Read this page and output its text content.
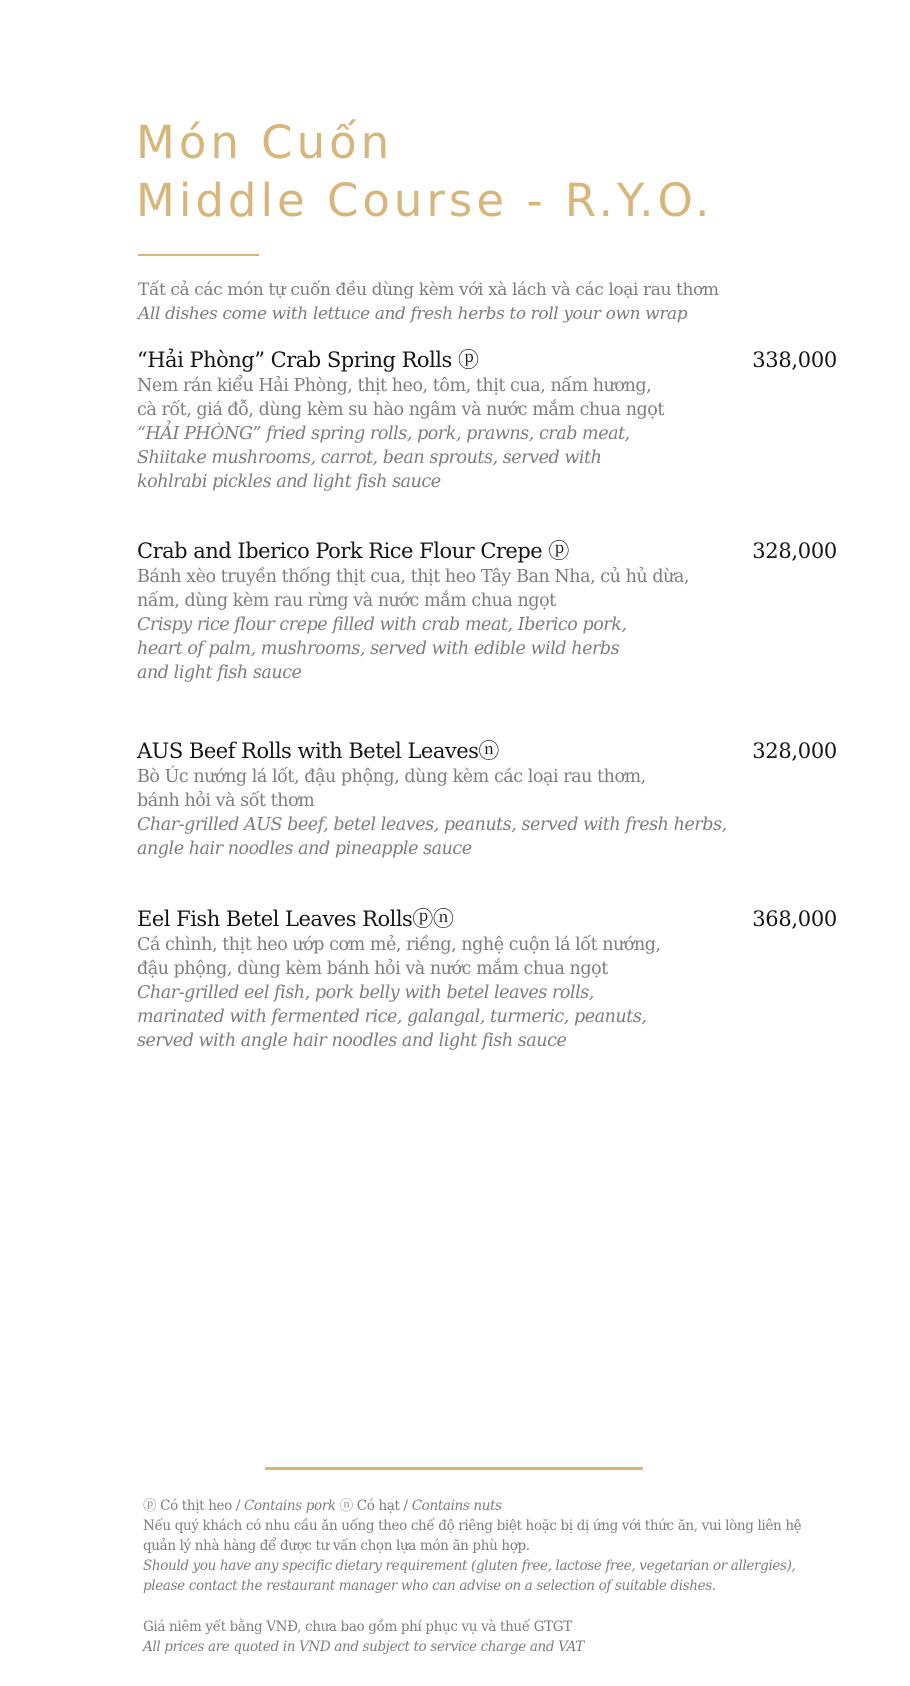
Món Cuốn
Middle Course - R.Y.O.
Tất cả các món tự cuốn đều dùng kèm với xà lách và các loại rau thơm
All dishes come with lettuce and fresh herbs to roll your own wrap
“Hải Phòng” Crab Spring Rolls ⓟ	338,000
Nem rán kiểu Hải Phòng, thịt heo, tôm, thịt cua, nấm hương,
cà rốt, giá đỗ, dùng kèm su hào ngâm và nước mắm chua ngọt
“HẢI PHÒNG” fried spring rolls, pork, prawns, crab meat,
Shiitake mushrooms, carrot, bean sprouts, served with
kohlrabi pickles and light fish sauce
Crab and Iberico Pork Rice Flour Crepe ⓟ	328,000
Bánh xèo truyền thống thịt cua, thịt heo Tây Ban Nha, củ hủ dừa,
nấm, dùng kèm rau rừng và nước mắm chua ngọt
Crispy rice flour crepe filled with crab meat, Iberico pork,
heart of palm, mushrooms, served with edible wild herbs
and light fish sauce
AUS Beef Rolls with Betel Leavesⓝ	328,000
Bò Úc nướng lá lốt, đậu phộng, dùng kèm các loại rau thơm,
bánh hỏi và sốt thơm
Char-grilled AUS beef, betel leaves, peanuts, served with fresh herbs,
angle hair noodles and pineapple sauce
Eel Fish Betel Leaves Rollsⓟⓝ	368,000
Cá chình, thịt heo ướp cơm mẻ, riềng, nghệ cuộn lá lốt nướng,
đậu phộng, dùng kèm bánh hỏi và nước mắm chua ngọt
Char-grilled eel fish, pork belly with betel leaves rolls,
marinated with fermented rice, galangal, turmeric, peanuts,
served with angle hair noodles and light fish sauce
ⓟ Có thịt heo / Contains pork ⓝ Có hạt / Contains nuts
Nếu quý khách có nhu cầu ăn uống theo chế độ riêng biệt hoặc bị dị ứng với thức ăn, vui lòng liên hệ
quản lý nhà hàng để được tư vấn chọn lựa món ăn phù hợp.
Should you have any specific dietary requirement (gluten free, lactose free, vegetarian or allergies),
please contact the restaurant manager who can advise on a selection of suitable dishes.
Giá niêm yết bằng VNĐ, chưa bao gồm phí phục vụ và thuế GTGT
All prices are quoted in VND and subject to service charge and VAT
